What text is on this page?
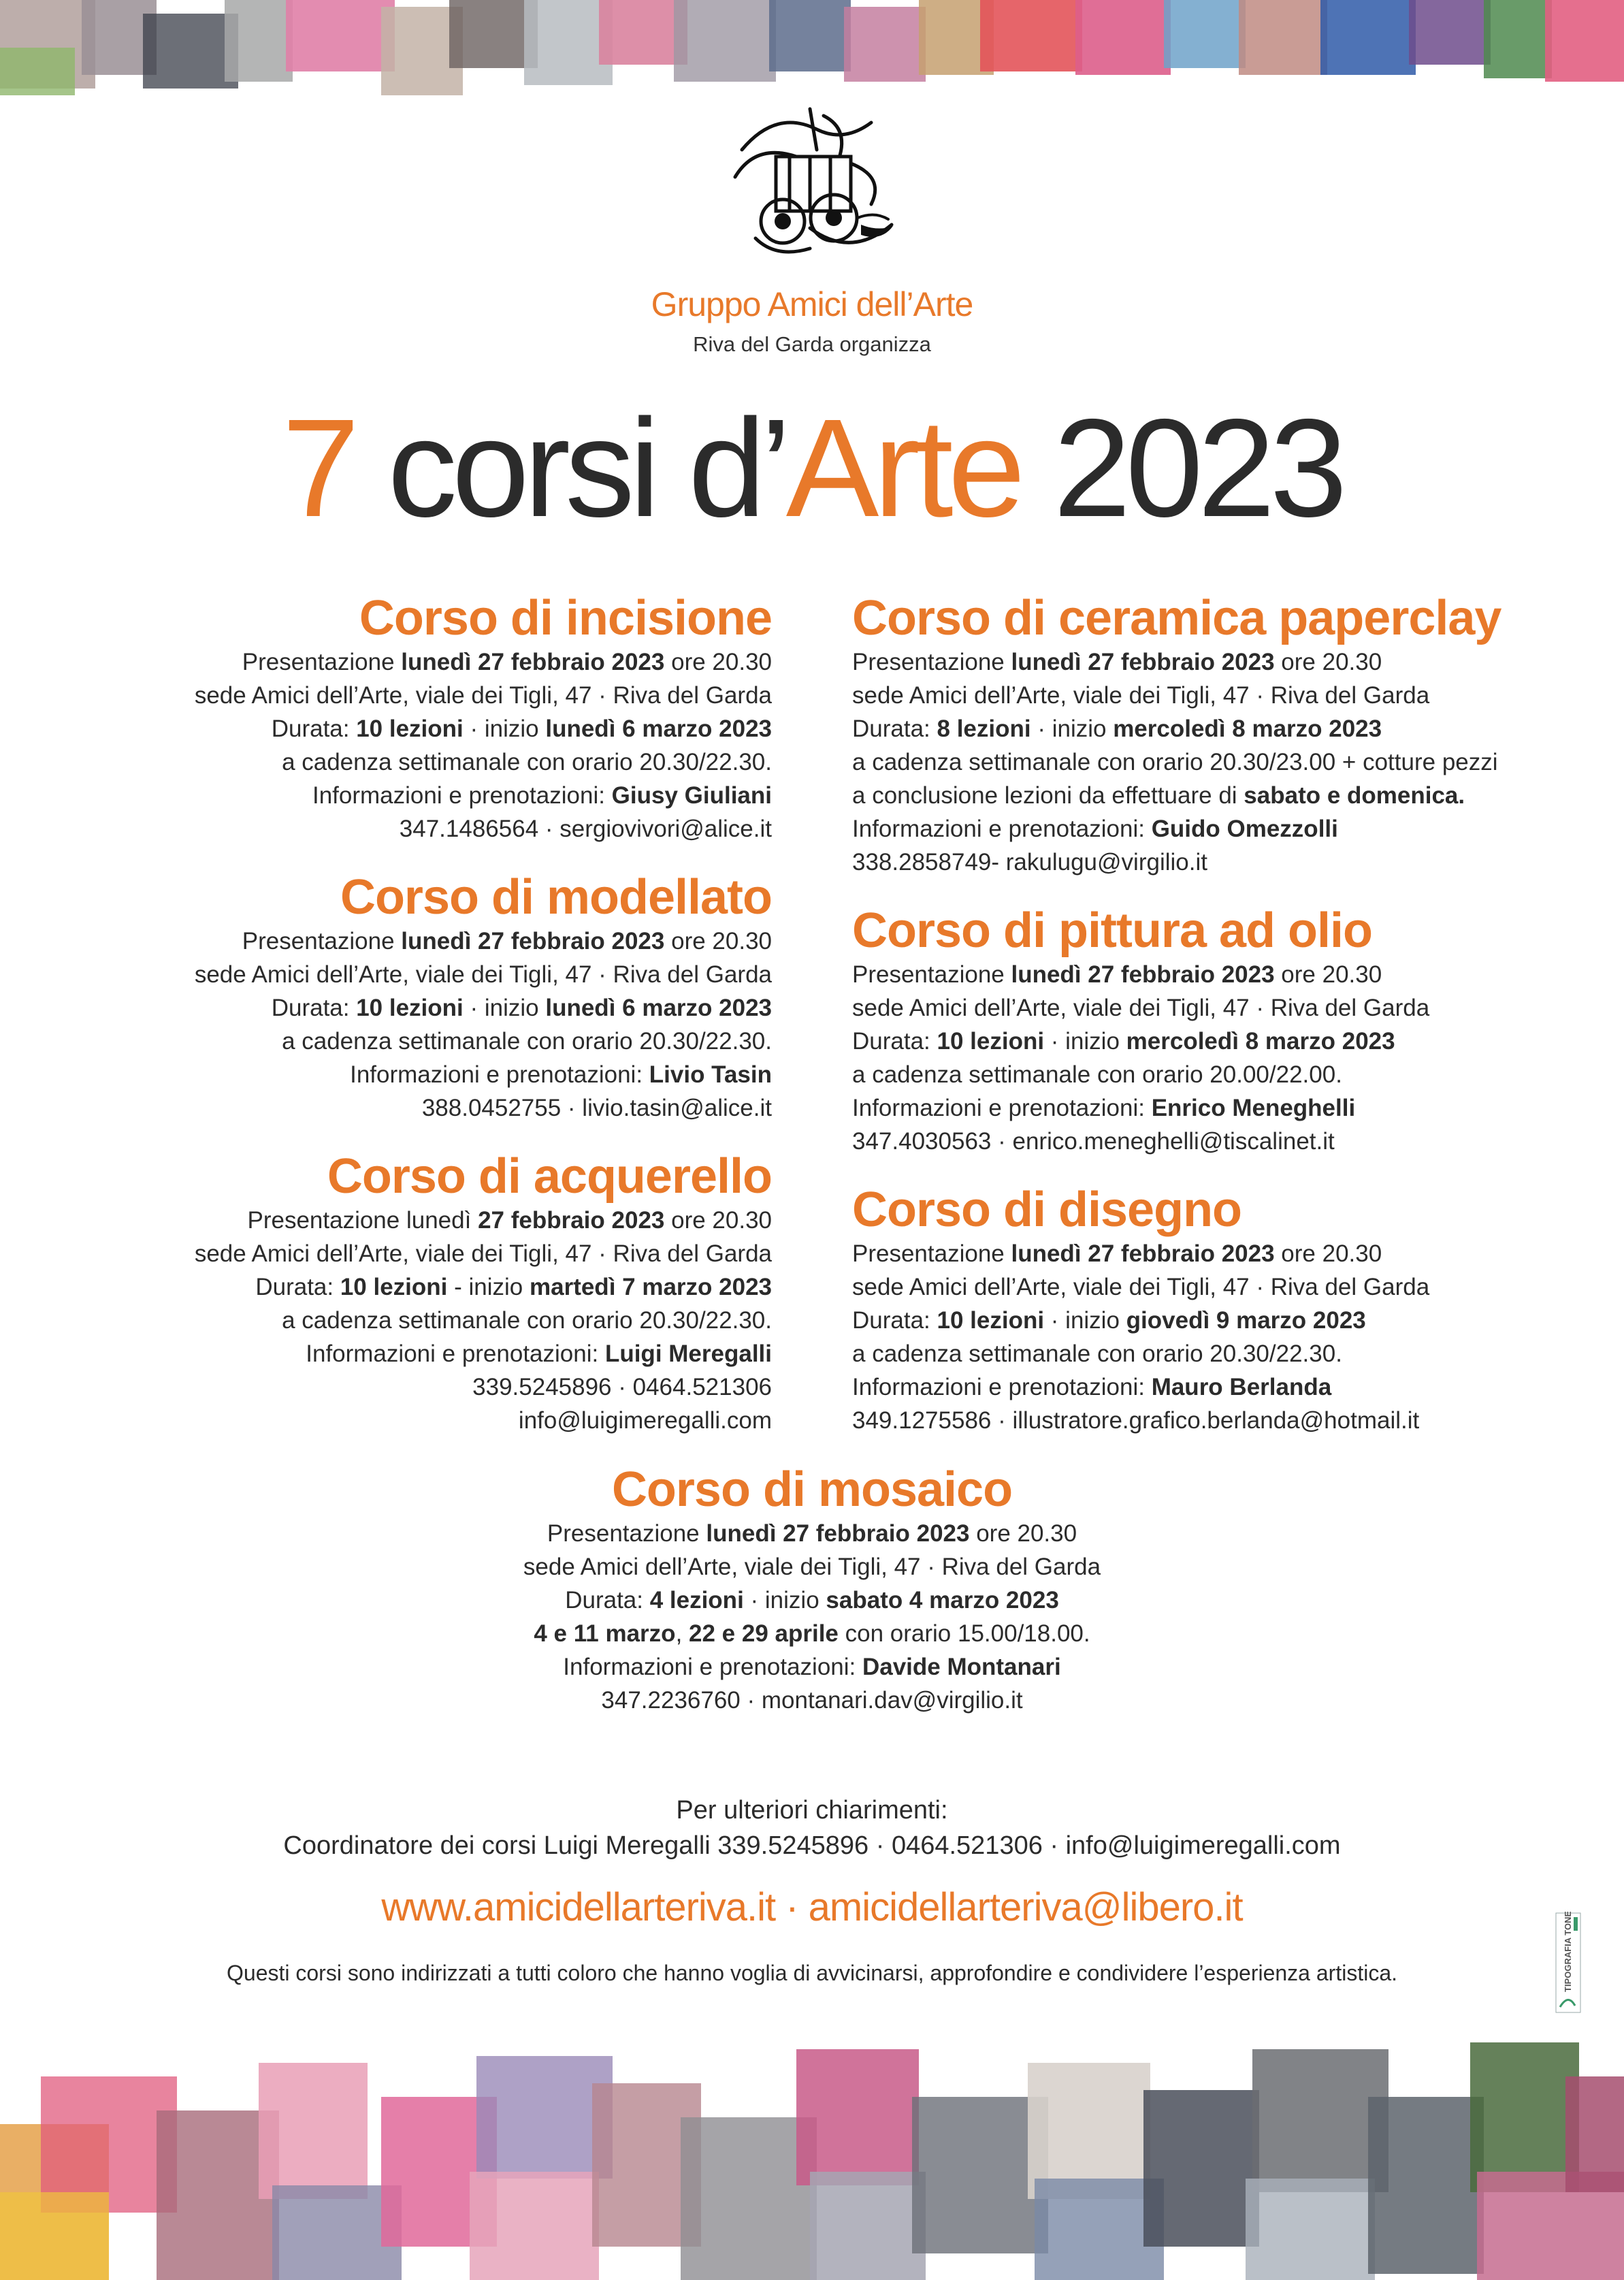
Gruppo Amici dell’Arte
Riva del Garda organizza
7 corsi d’Arte 2023
Corso di incisione
Presentazione lunedì 27 febbraio 2023 ore 20.30
sede Amici dell’Arte, viale dei Tigli, 47 · Riva del Garda
Durata: 10 lezioni · inizio lunedì 6 marzo 2023
a cadenza settimanale con orario 20.30/22.30.
Informazioni e prenotazioni: Giusy Giuliani
347.1486564 · sergiovivori@alice.it
Corso di modellato
Presentazione lunedì 27 febbraio 2023 ore 20.30
sede Amici dell’Arte, viale dei Tigli, 47 · Riva del Garda
Durata: 10 lezioni · inizio lunedì 6 marzo 2023
a cadenza settimanale con orario 20.30/22.30.
Informazioni e prenotazioni: Livio Tasin
388.0452755 · livio.tasin@alice.it
Corso di acquerello
Presentazione lunedì 27 febbraio 2023 ore 20.30
sede Amici dell’Arte, viale dei Tigli, 47 · Riva del Garda
Durata: 10 lezioni - inizio martedì 7 marzo 2023
a cadenza settimanale con orario 20.30/22.30.
Informazioni e prenotazioni: Luigi Meregalli
339.5245896 · 0464.521306
info@luigimeregalli.com
Corso di ceramica paperclay
Presentazione lunedì 27 febbraio 2023 ore 20.30
sede Amici dell’Arte, viale dei Tigli, 47 · Riva del Garda
Durata: 8 lezioni · inizio mercoledì 8 marzo 2023
a cadenza settimanale con orario 20.30/23.00 + cotture pezzi
a conclusione lezioni da effettuare di sabato e domenica.
Informazioni e prenotazioni: Guido Omezzolli
338.2858749- rakulugu@virgilio.it
Corso di pittura ad olio
Presentazione lunedì 27 febbraio 2023 ore 20.30
sede Amici dell’Arte, viale dei Tigli, 47 · Riva del Garda
Durata: 10 lezioni · inizio mercoledì 8 marzo 2023
a cadenza settimanale con orario 20.00/22.00.
Informazioni e prenotazioni: Enrico Meneghelli
347.4030563 · enrico.meneghelli@tiscalinet.it
Corso di disegno
Presentazione lunedì 27 febbraio 2023 ore 20.30
sede Amici dell’Arte, viale dei Tigli, 47 · Riva del Garda
Durata: 10 lezioni · inizio giovedì 9 marzo 2023
a cadenza settimanale con orario 20.30/22.30.
Informazioni e prenotazioni: Mauro Berlanda
349.1275586 · illustratore.grafico.berlanda@hotmail.it
Corso di mosaico
Presentazione lunedì 27 febbraio 2023 ore 20.30
sede Amici dell’Arte, viale dei Tigli, 47 · Riva del Garda
Durata: 4 lezioni · inizio sabato 4 marzo 2023
4 e 11 marzo, 22 e 29 aprile con orario 15.00/18.00.
Informazioni e prenotazioni: Davide Montanari
347.2236760 · montanari.dav@virgilio.it
Per ulteriori chiarimenti:
Coordinatore dei corsi Luigi Meregalli 339.5245896 · 0464.521306 · info@luigimeregalli.com
www.amicidellarteriva.it · amicidellarteriva@libero.it
Questi corsi sono indirizzati a tutti coloro che hanno voglia di avvicinarsi, approfondire e condividere l’esperienza artistica.	TIPOGRAFIA TONELLI
